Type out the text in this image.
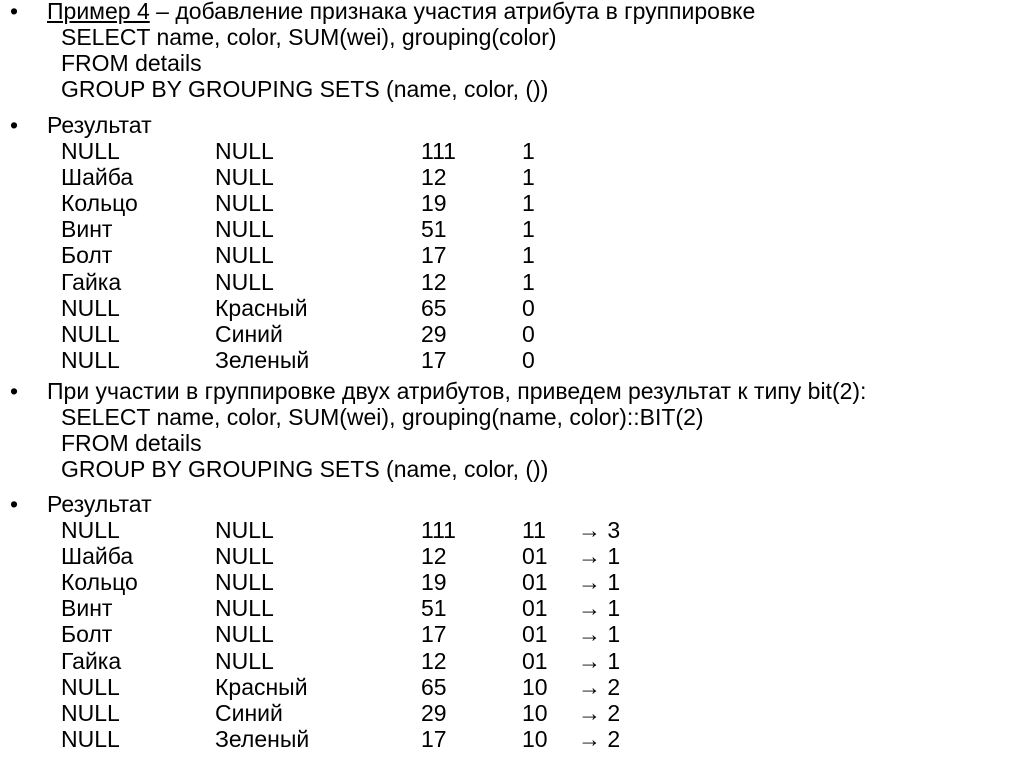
• Пример 4 – добавление признака участия атрибута в группировке
SELECT name, color, SUM(wei), grouping(color)
FROM details
GROUP BY GROUPING SETS (name, color, ())
• Результат
NULL	NULL	111	1
Шайба	NULL	12	1
Кольцо	NULL	19	1
Винт	NULL	51	1
Болт	NULL	17	1
Гайка	NULL	12	1
NULL	Красный	65	0
NULL	Синий	29	0
NULL	Зеленый	17	0
• При участии в группировке двух атрибутов, приведем результат к типу bit(2):
SELECT name, color, SUM(wei), grouping(name, color)::BIT(2)
FROM details
GROUP BY GROUPING SETS (name, color, ())
• Результат
NULL	NULL	111	11 → 3
Шайба	NULL	12	01 → 1
Кольцо	NULL	19	01 → 1
Винт	NULL	51	01 → 1
Болт	NULL	17	01 → 1
Гайка	NULL	12	01 → 1
NULL	Красный	65	10 → 2
NULL	Синий	29	10 → 2
NULL	Зеленый	17	10 → 2
